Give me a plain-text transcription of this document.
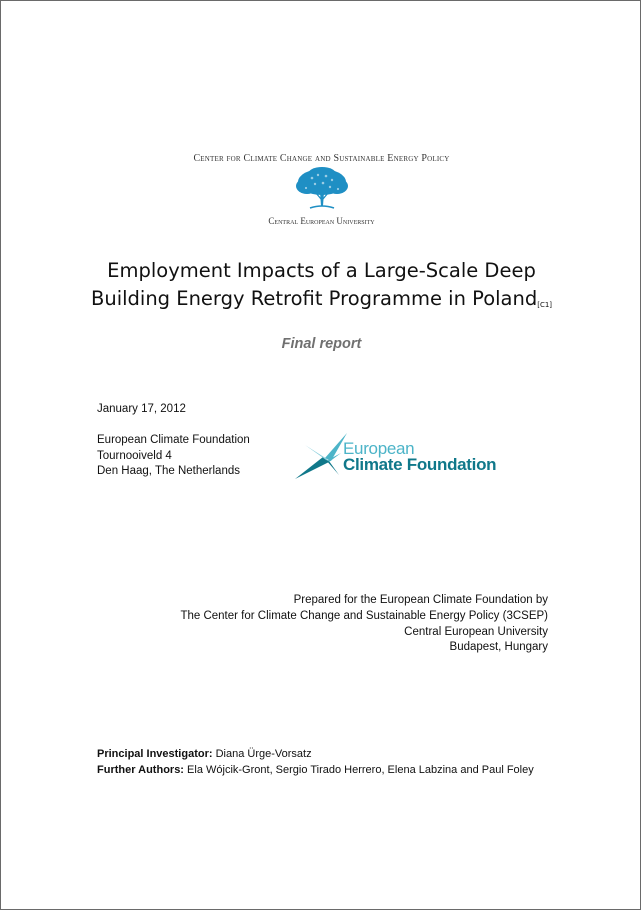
Center for Climate Change and Sustainable Energy Policy
Central European University
Employment Impacts of a Large-Scale Deep
Building Energy Retrofit Programme in Poland[C1]
Final report
January 17, 2012
European Climate Foundation
Tournooiveld 4
Den Haag, The Netherlands
European
Climate Foundation
Prepared for the European Climate Foundation by
The Center for Climate Change and Sustainable Energy Policy (3CSEP)
Central European University
Budapest, Hungary
Principal Investigator: Diana Ürge-Vorsatz
Further Authors: Ela Wójcik-Gront, Sergio Tirado Herrero, Elena Labzina and Paul Foley
